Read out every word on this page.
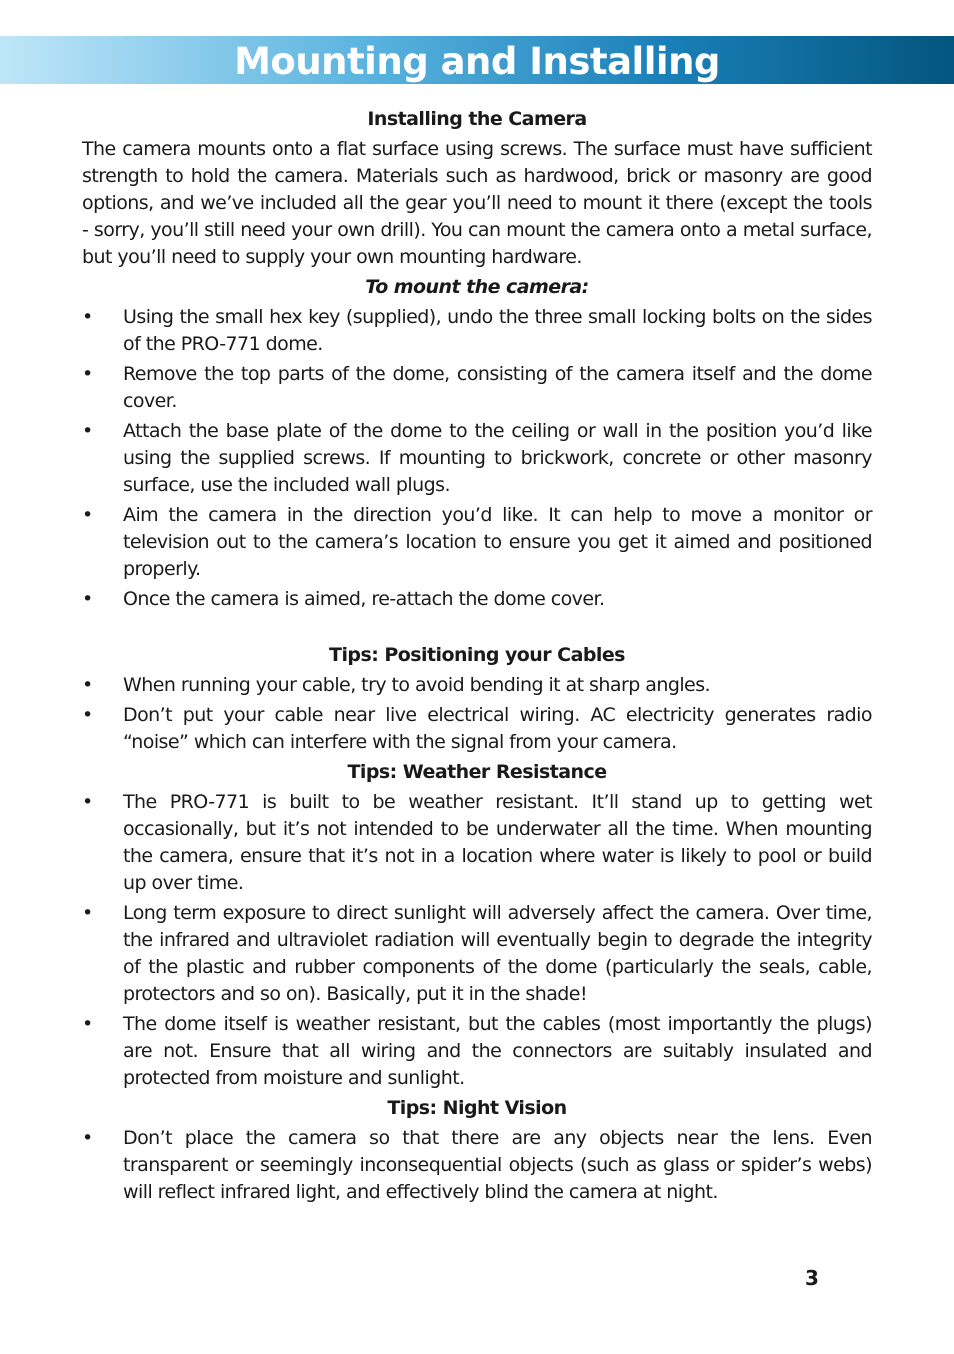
Mounting and Installing
Installing the Camera

The camera mounts onto a flat surface using screws. The surface must have sufficient strength to hold the camera. Materials such as hardwood, brick or masonry are good options, and we’ve included all the gear you’ll need to mount it there (except the tools - sorry, you’ll still need your own drill). You can mount the camera onto a metal surface, but you’ll need to supply your own mounting hardware.

To mount the camera:
• Using the small hex key (supplied), undo the three small locking bolts on the sides of the PRO-771 dome.
• Remove the top parts of the dome, consisting of the camera itself and the dome cover.
• Attach the base plate of the dome to the ceiling or wall in the position you’d like using the supplied screws. If mounting to brickwork, concrete or other masonry surface, use the included wall plugs.
• Aim the camera in the direction you’d like. It can help to move a monitor or television out to the camera’s location to ensure you get it aimed and positioned properly.
• Once the camera is aimed, re-attach the dome cover.
Tips: Positioning your Cables
• When running your cable, try to avoid bending it at sharp angles.
• Don’t put your cable near live electrical wiring. AC electricity generates radio “noise” which can interfere with the signal from your camera.
Tips: Weather Resistance
• The PRO-771 is built to be weather resistant. It’ll stand up to getting wet occasionally, but it’s not intended to be underwater all the time. When mounting the camera, ensure that it’s not in a location where water is likely to pool or build up over time.
• Long term exposure to direct sunlight will adversely affect the camera. Over time, the infrared and ultraviolet radiation will eventually begin to degrade the integrity of the plastic and rubber components of the dome (particularly the seals, cable, protectors and so on). Basically, put it in the shade!
• The dome itself is weather resistant, but the cables (most importantly the plugs) are not. Ensure that all wiring and the connectors are suitably insulated and protected from moisture and sunlight.
Tips: Night Vision
• Don’t place the camera so that there are any objects near the lens. Even transparent or seemingly inconsequential objects (such as glass or spider’s webs) will reflect infrared light, and effectively blind the camera at night.
3
